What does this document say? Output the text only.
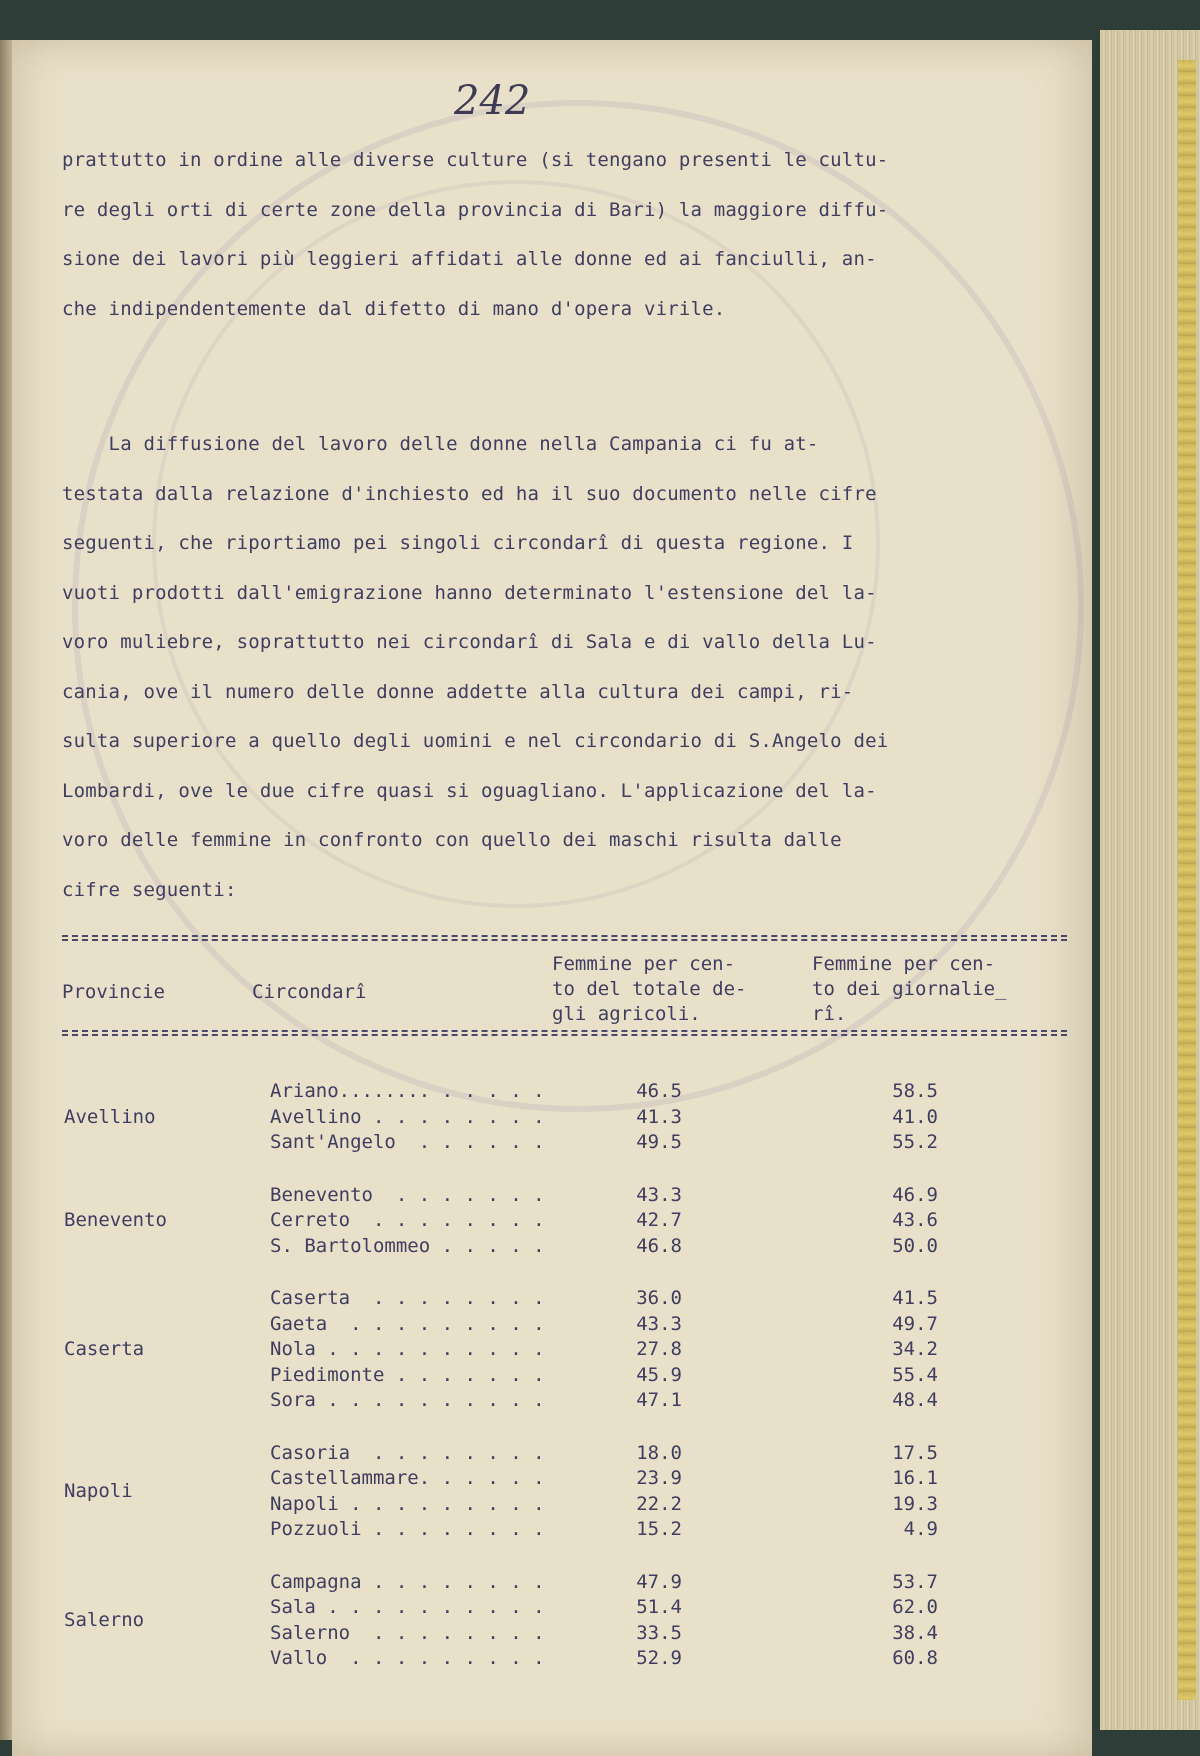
242
prattutto in ordine alle diverse culture (si tengano presenti le cultu-
re degli orti di certe zone della provincia di Bari) la maggiore diffu-
sione dei lavori più leggieri affidati alle donne ed ai fanciulli, an-
che indipendentemente dal difetto di mano d'opera virile.
La diffusione del lavoro delle donne nella Campania ci fu at-
testata dalla relazione d'inchiesto ed ha il suo documento nelle cifre
seguenti, che riportiamo pei singoli circondarî di questa regione. I
vuoti prodotti dall'emigrazione hanno determinato l'estensione del la-
voro muliebre, soprattutto nei circondarî di Sala e di vallo della Lu-
cania, ove il numero delle donne addette alla cultura dei campi, ri-
sulta superiore a quello degli uomini e nel circondario di S.Angelo dei
Lombardi, ove le due cifre quasi si oguagliano. L'applicazione del la-
voro delle femmine in confronto con quello dei maschi risulta dalle
cifre seguenti:
Provincie	Circondarî
Femmine per cen-
to del totale de-
gli agricoli.
Femmine per cen-
to dei giornalie_
rî.
Ariano........ . . . . .	46.5	58.5
Avellino . . . . . . . .	41.3	41.0
Sant'Angelo  . . . . . .	49.5	55.2
Avellino
Benevento  . . . . . . .	43.3	46.9
Cerreto  . . . . . . . .	42.7	43.6
S. Bartolommeo . . . . .	46.8	50.0
Benevento
Caserta  . . . . . . . .	36.0	41.5
Gaeta  . . . . . . . . .	43.3	49.7
Nola . . . . . . . . . .	27.8	34.2
Piedimonte . . . . . . .	45.9	55.4
Sora . . . . . . . . . .	47.1	48.4
Caserta
Casoria  . . . . . . . .	18.0	17.5
Castellammare. . . . . .	23.9	16.1
Napoli . . . . . . . . .	22.2	19.3
Pozzuoli . . . . . . . .	15.2	4.9
Napoli
Campagna . . . . . . . .	47.9	53.7
Sala . . . . . . . . . .	51.4	62.0
Salerno  . . . . . . . .	33.5	38.4
Vallo  . . . . . . . . .	52.9	60.8
Salerno
